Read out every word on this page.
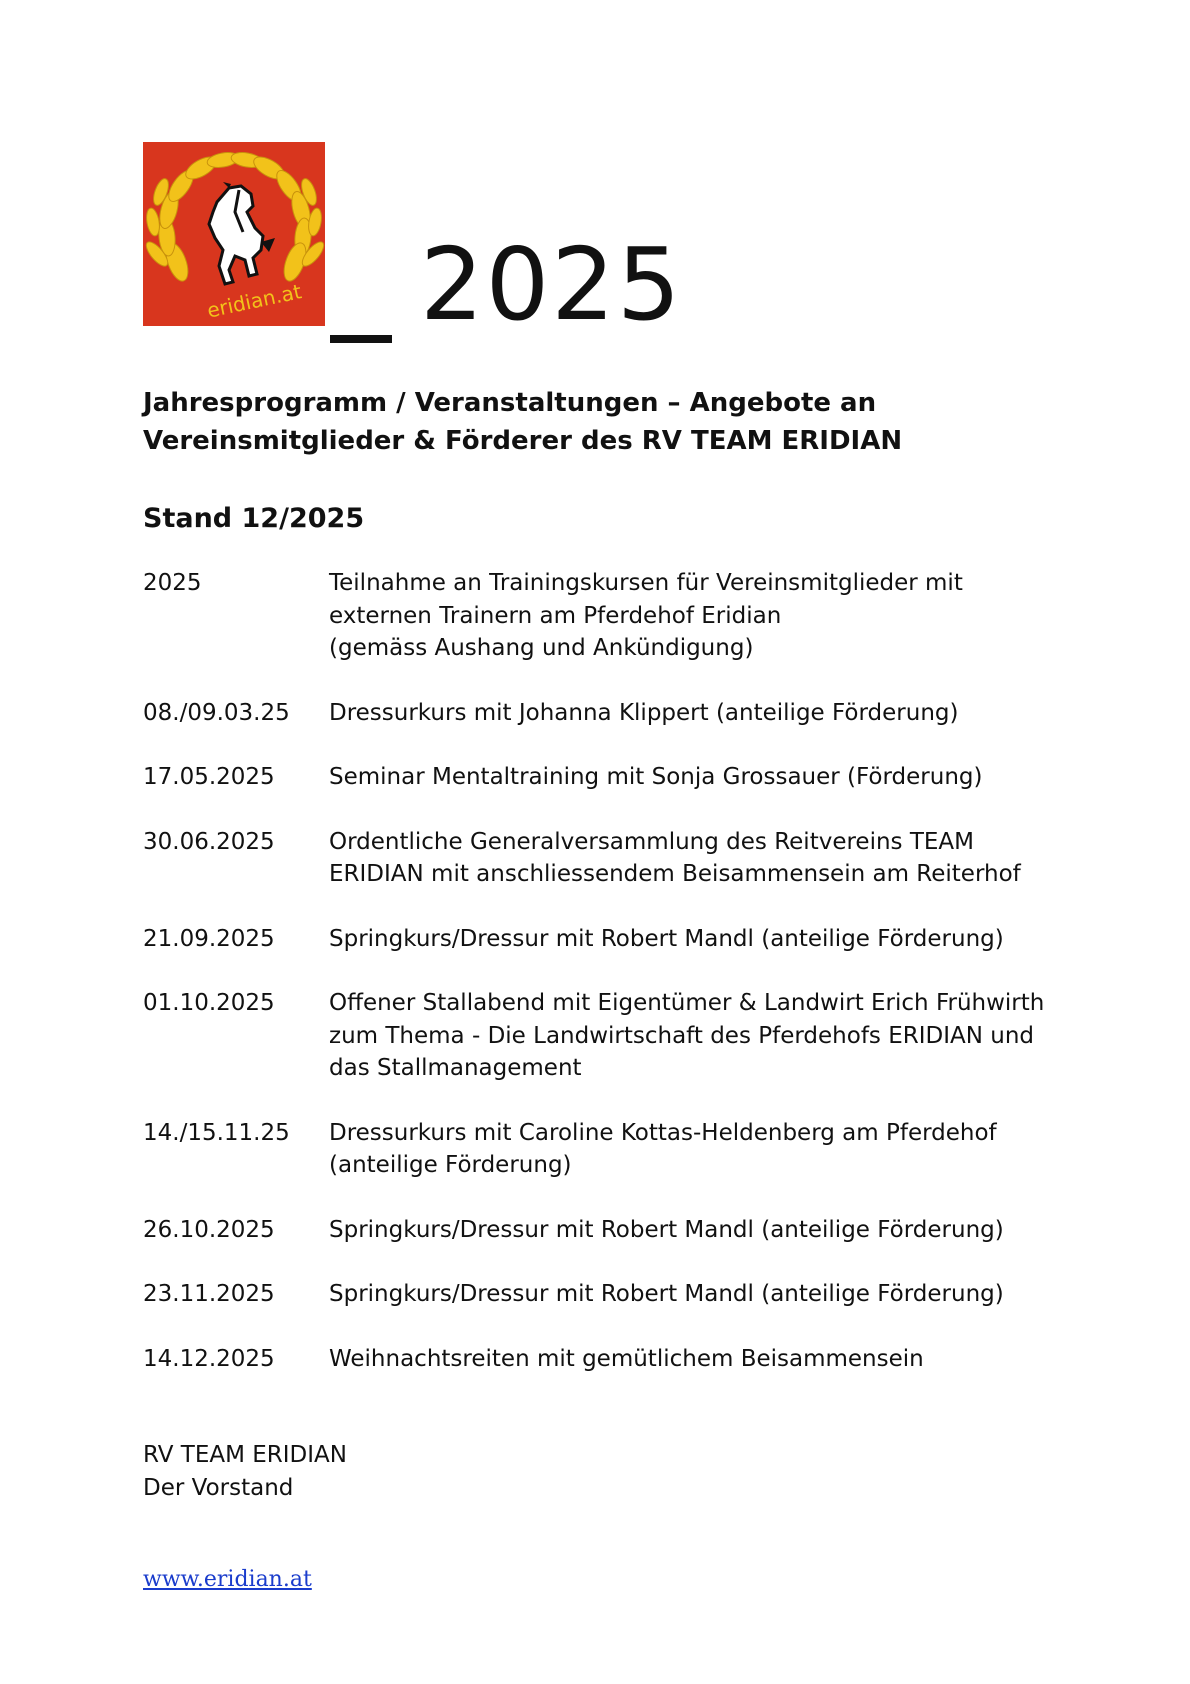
eridian.at 2025
Jahresprogramm / Veranstaltungen – Angebote an
Vereinsmitglieder & Förderer des RV TEAM ERIDIAN
Stand 12/2025
2025	Teilnahme an Trainingskursen für Vereinsmitglieder mit
externen Trainern am Pferdehof Eridian
(gemäss Aushang und Ankündigung)
08./09.03.25	Dressurkurs mit Johanna Klippert (anteilige Förderung)
17.05.2025	Seminar Mentaltraining mit Sonja Grossauer (Förderung)
30.06.2025	Ordentliche Generalversammlung des Reitvereins TEAM
ERIDIAN mit anschliessendem Beisammensein am Reiterhof
21.09.2025	Springkurs/Dressur mit Robert Mandl (anteilige Förderung)
01.10.2025	Offener Stallabend mit Eigentümer & Landwirt Erich Frühwirth
zum Thema - Die Landwirtschaft des Pferdehofs ERIDIAN und
das Stallmanagement
14./15.11.25	Dressurkurs mit Caroline Kottas-Heldenberg am Pferdehof
(anteilige Förderung)
26.10.2025	Springkurs/Dressur mit Robert Mandl (anteilige Förderung)
23.11.2025	Springkurs/Dressur mit Robert Mandl (anteilige Förderung)
14.12.2025	Weihnachtsreiten mit gemütlichem Beisammensein
RV TEAM ERIDIAN
Der Vorstand
www.eridian.at
